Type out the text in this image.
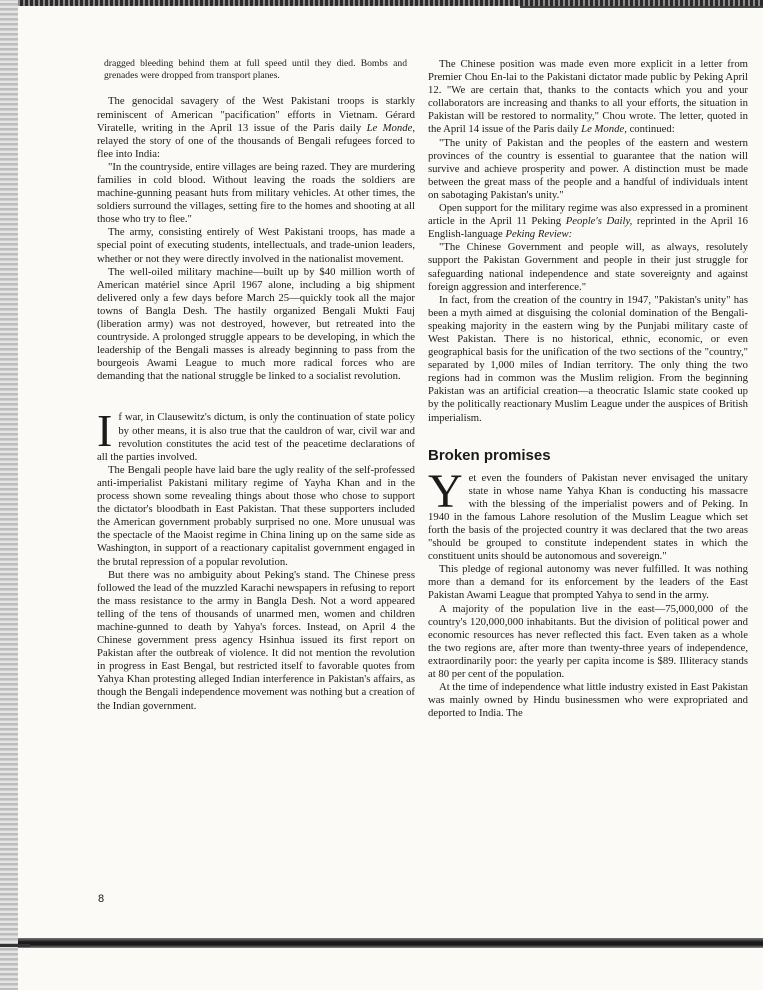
dragged bleeding behind them at full speed until they died. Bombs and grenades were dropped from transport planes.

The genocidal savagery of the West Pakistani troops is starkly reminiscent of American "pacification" efforts in Vietnam. Gérard Viratelle, writing in the April 13 issue of the Paris daily Le Monde, relayed the story of one of the thousands of Bengali refugees forced to flee into India:

"In the countryside, entire villages are being razed. They are murdering families in cold blood. Without leaving the roads the soldiers are machine-gunning peasant huts from military vehicles. At other times, the soldiers surround the villages, setting fire to the homes and shooting at all those who try to flee."

The army, consisting entirely of West Pakistani troops, has made a special point of executing students, intellectuals, and trade-union leaders, whether or not they were directly involved in the nationalist movement.

The well-oiled military machine—built up by $40 million worth of American matériel since April 1967 alone, including a big shipment delivered only a few days before March 25—quickly took all the major towns of Bangla Desh. The hastily organized Bengali Mukti Fauj (liberation army) was not destroyed, however, but retreated into the countryside. A prolonged struggle appears to be developing, in which the leadership of the Bengali masses is already beginning to pass from the bourgeois Awami League to much more radical forces who are demanding that the national struggle be linked to a socialist revolution.

If war, in Clausewitz's dictum, is only the continuation of state policy by other means, it is also true that the cauldron of war, civil war and revolution constitutes the acid test of the peacetime declarations of all the parties involved.

The Bengali people have laid bare the ugly reality of the self-professed anti-imperialist Pakistani military regime of Yayha Khan and in the process shown some revealing things about those who chose to support the dictator's bloodbath in East Pakistan. That these supporters included the American government probably surprised no one. More unusual was the spectacle of the Maoist regime in China lining up on the same side as Washington, in support of a reactionary capitalist government engaged in the brutal repression of a popular revolution.

But there was no ambiguity about Peking's stand. The Chinese press followed the lead of the muzzled Karachi newspapers in refusing to report the mass resistance to the army in Bangla Desh. Not a word appeared telling of the tens of thousands of unarmed men, women and children machine-gunned to death by Yahya's forces. Instead, on April 4 the Chinese government press agency Hsinhua issued its first report on Pakistan after the outbreak of violence. It did not mention the revolution in progress in East Bengal, but restricted itself to favorable quotes from Yahya Khan protesting alleged Indian interference in Pakistan's affairs, as though the Bengali independence movement was nothing but a creation of the Indian government.

The Chinese position was made even more explicit in a letter from Premier Chou En-lai to the Pakistani dictator made public by Peking April 12. "We are certain that, thanks to the contacts which you and your collaborators are increasing and thanks to all your efforts, the situation in Pakistan will be restored to normality," Chou wrote. The letter, quoted in the April 14 issue of the Paris daily Le Monde, continued:

"The unity of Pakistan and the peoples of the eastern and western provinces of the country is essential to guarantee that the nation will survive and achieve prosperity and power. A distinction must be made between the great mass of the people and a handful of individuals intent on sabotaging Pakistan's unity."

Open support for the military regime was also expressed in a prominent article in the April 11 Peking People's Daily, reprinted in the April 16 English-language Peking Review:

"The Chinese Government and people will, as always, resolutely support the Pakistan Government and people in their just struggle for safeguarding national independence and state sovereignty and against foreign aggression and interference."

In fact, from the creation of the country in 1947, "Pakistan's unity" has been a myth aimed at disguising the colonial domination of the Bengali-speaking majority in the eastern wing by the Punjabi military caste of West Pakistan. There is no historical, ethnic, economic, or even geographical basis for the unification of the two sections of the "country," separated by 1,000 miles of Indian territory. The only thing the two regions had in common was the Muslim religion. From the beginning Pakistan was an artificial creation—a theocratic Islamic state cooked up by the politically reactionary Muslim League under the auspices of British imperialism.

Broken promises

Yet even the founders of Pakistan never envisaged the unitary state in whose name Yahya Khan is conducting his massacre with the blessing of the imperialist powers and of Peking. In 1940 in the famous Lahore resolution of the Muslim League which set forth the basis of the projected country it was declared that the two areas "should be grouped to constitute independent states in which the constituent units should be autonomous and sovereign."

This pledge of regional autonomy was never fulfilled. It was nothing more than a demand for its enforcement by the leaders of the East Pakistan Awami League that prompted Yahya to send in the army.

A majority of the population live in the east—75,000,000 of the country's 120,000,000 inhabitants. But the division of political power and economic resources has never reflected this fact. Even taken as a whole the two regions are, after more than twenty-three years of independence, extraordinarily poor: the yearly per capita income is $89. Illiteracy stands at 80 per cent of the population.

At the time of independence what little industry existed in East Pakistan was mainly owned by Hindu businessmen who were expropriated and deported to India. The

8
